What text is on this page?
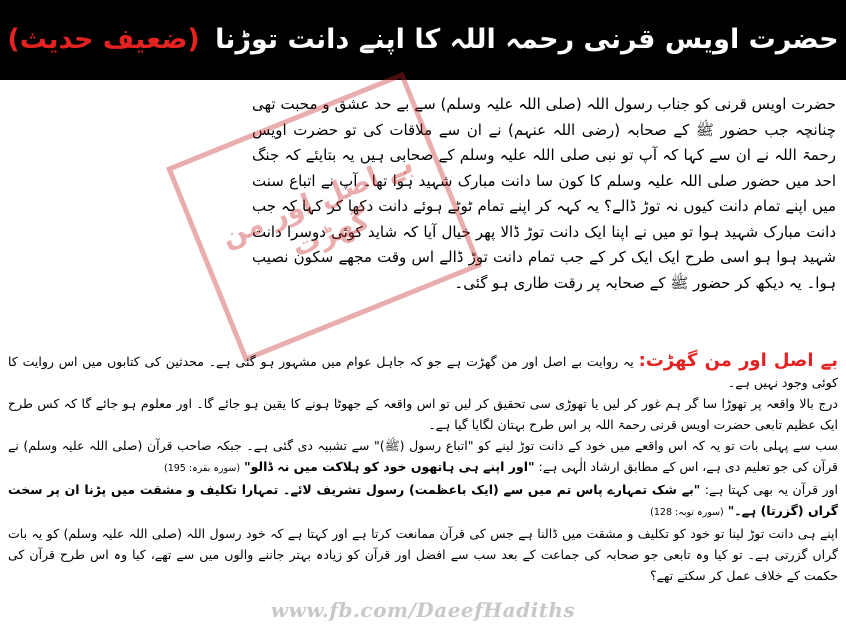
حضرت اویس قرنی رحمہ اللہ کا اپنے دانت توڑنا (ضعیف حدیث)

حضرت اویس قرنی کو جناب رسول اللہ (صلی اللہ علیہ وسلم) سے بے حد عشق و محبت تھی چنانچہ جب حضور ﷺ کے صحابہ (رضی اللہ عنہم) نے ان سے ملاقات کی تو حضرت اویس رحمۃ اللہ نے ان سے کہا کہ آپ تو نبی صلی اللہ علیہ وسلم کے صحابی ہیں یہ بتایئے کہ جنگ احد میں حضور صلی اللہ علیہ وسلم کا کون سا دانت مبارک شہید ہوا تھا۔ آپ نے اتباع سنت میں اپنے تمام دانت کیوں نہ توڑ ڈالے؟ یہ کہہ کر اپنے تمام ٹوٹے ہوئے دانت دکھا کر کہا کہ جب دانت مبارک شہید ہوا تو میں نے اپنا ایک دانت توڑ ڈالا پھر خیال آیا کہ شاید کوئی دوسرا دانت شہید ہوا ہو اسی طرح ایک ایک کر کے جب تمام دانت توڑ ڈالے اس وقت مجھے سکون نصیب ہوا۔ یہ دیکھ کر حضور ﷺ کے صحابہ پر رقت طاری ہو گئی۔

بے اصل اور من گھڑت
بے اصل اور من گھڑت: یہ روایت بے اصل اور من گھڑت ہے جو کہ جاہل عوام میں مشہور ہو گئی ہے۔ محدثین کی کتابوں میں اس روایت کا کوئی وجود نہیں ہے۔
درج بالا واقعہ پر تھوڑا سا گر ہم غور کر لیں یا تھوڑی سی تحقیق کر لیں تو اس واقعہ کے جھوٹا ہونے کا یقین ہو جائے گا۔ اور معلوم ہو جائے گا کہ کس طرح ایک عظیم تابعی حضرت اویس قرنی رحمۃ اللہ پر اس طرح بہتان لگایا گیا ہے۔
سب سے پہلی بات تو یہ کہ اس واقعے میں خود کے دانت توڑ لینے کو "اتباع رسول (ﷺ)" سے تشبیہ دی گئی ہے۔ جبکہ صاحب قرآن (صلی اللہ علیہ وسلم) نے قرآن کی جو تعلیم دی ہے، اس کے مطابق ارشاد الٰہی ہے: "اور اپنے ہی ہاتھوں خود کو ہلاکت میں نہ ڈالو" (سورہ بقرہ: 195)
اور قرآن یہ بھی کہتا ہے: "بے شک تمہارے پاس تم میں سے (ایک باعظمت) رسول تشریف لائے۔ تمہارا تکلیف و مشقت میں پڑنا ان پر سخت گراں (گزرتا) ہے۔" (سورہ توبہ: 128)
اپنے ہی دانت توڑ لینا تو خود کو تکلیف و مشقت میں ڈالنا ہے جس کی قرآن ممانعت کرتا ہے اور کہتا ہے کہ خود رسول اللہ (صلی اللہ علیہ وسلم) کو یہ بات گراں گزرتی ہے۔ تو کیا وہ تابعی جو صحابہ کی جماعت کے بعد سب سے افضل اور قرآن کو زیادہ بہتر جاننے والوں میں سے تھے، کیا وہ اس طرح قرآن کی حکمت کے خلاف عمل کر سکتے تھے؟
www.fb.com/DaeefHadiths
